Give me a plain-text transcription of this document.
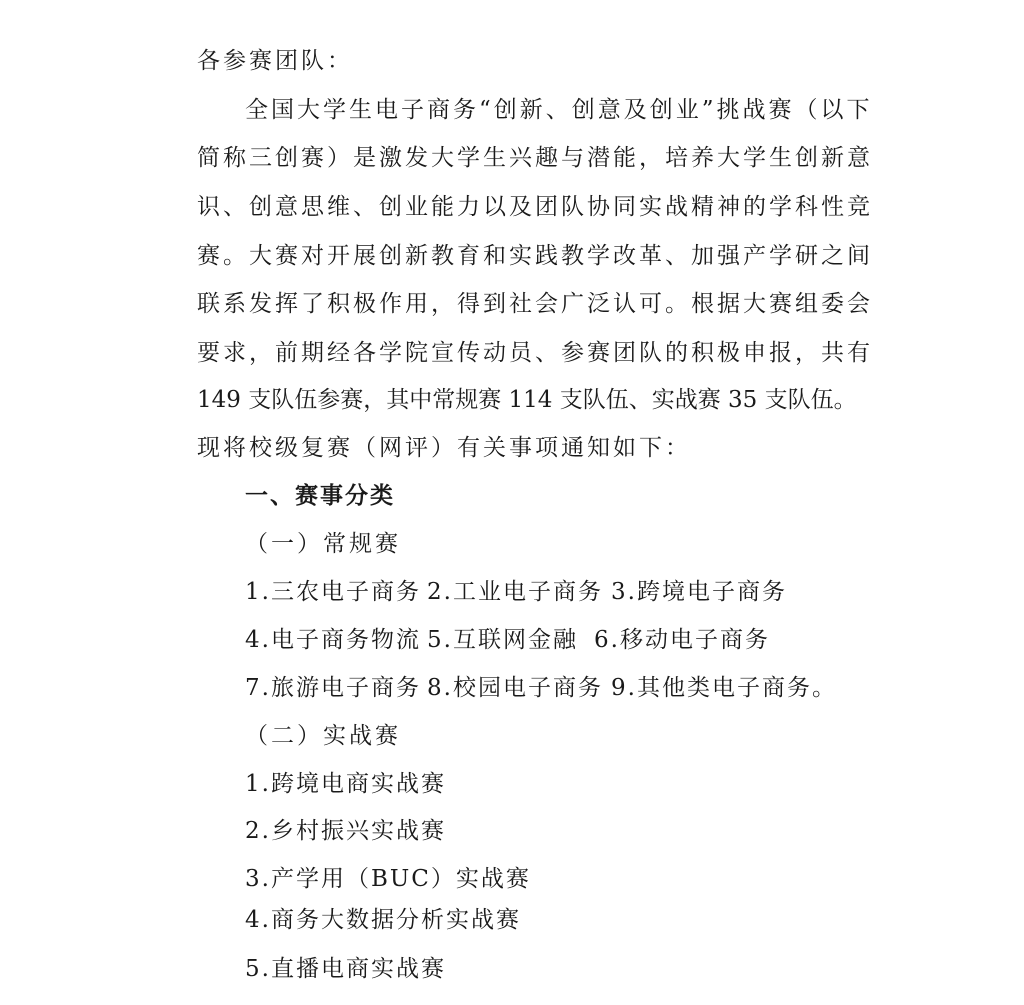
各参赛团队：
全国大学生电子商务“创新、创意及创业”挑战赛（以下
简称三创赛）是激发大学生兴趣与潜能，培养大学生创新意
识、创意思维、创业能力以及团队协同实战精神的学科性竞
赛。大赛对开展创新教育和实践教学改革、加强产学研之间
联系发挥了积极作用，得到社会广泛认可。根据大赛组委会
要求，前期经各学院宣传动员、参赛团队的积极申报，共有
149 支队伍参赛，其中常规赛 114 支队伍、实战赛 35 支队伍。
现将校级复赛（网评）有关事项通知如下：
一、赛事分类
（一）常规赛
1.三农电子商务 2.工业电子商务 3.跨境电子商务
4.电子商务物流 5.互联网金融 6.移动电子商务
7.旅游电子商务 8.校园电子商务 9.其他类电子商务。
（二）实战赛
1.跨境电商实战赛
2.乡村振兴实战赛
3.产学用（BUC）实战赛
4.商务大数据分析实战赛
5.直播电商实战赛
